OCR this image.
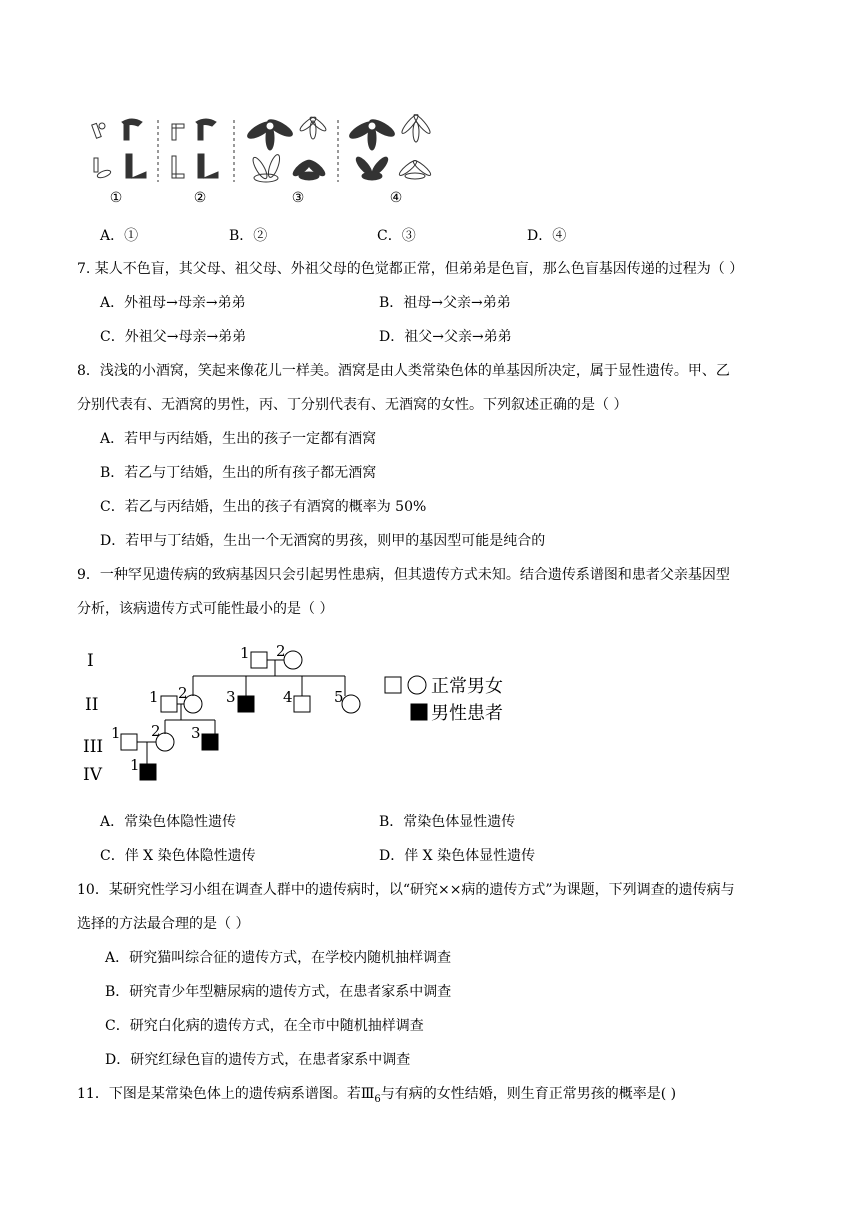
①	②	③	④
A．①	B．②	C．③	D．④
7. 某人不色盲，其父母、祖父母、外祖父母的色觉都正常，但弟弟是色盲，那么色盲基因传递的过程为（ ）
A．外祖母→母亲→弟弟	B．祖母→父亲→弟弟
C．外祖父→母亲→弟弟	D．祖父→父亲→弟弟
8．浅浅的小酒窝，笑起来像花儿一样美。酒窝是由人类常染色体的单基因所决定，属于显性遗传。甲、乙
分别代表有、无酒窝的男性，丙、丁分别代表有、无酒窝的女性。下列叙述正确的是（ ）
A．若甲与丙结婚，生出的孩子一定都有酒窝
B．若乙与丁结婚，生出的所有孩子都无酒窝
C．若乙与丙结婚，生出的孩子有酒窝的概率为 50%
D．若甲与丁结婚，生出一个无酒窝的男孩，则甲的基因型可能是纯合的
9．一种罕见遗传病的致病基因只会引起男性患病，但其遗传方式未知。结合遗传系谱图和患者父亲基因型
分析，该病遗传方式可能性最小的是（ ）
I
II
III
IV
1 2
1 2	3	4	5
1 2 3
1
正常男女
男性患者
A．常染色体隐性遗传	B．常染色体显性遗传
C．伴 X 染色体隐性遗传	D．伴 X 染色体显性遗传
10．某研究性学习小组在调查人群中的遗传病时，以“研究××病的遗传方式”为课题，下列调查的遗传病与
选择的方法最合理的是（ ）
A．研究猫叫综合征的遗传方式，在学校内随机抽样调查
B．研究青少年型糖尿病的遗传方式，在患者家系中调查
C．研究白化病的遗传方式，在全市中随机抽样调查
D．研究红绿色盲的遗传方式，在患者家系中调查
11．下图是某常染色体上的遗传病系谱图。若$Ⅲ_6$与有病的女性结婚，则生育正常男孩的概率是( )
